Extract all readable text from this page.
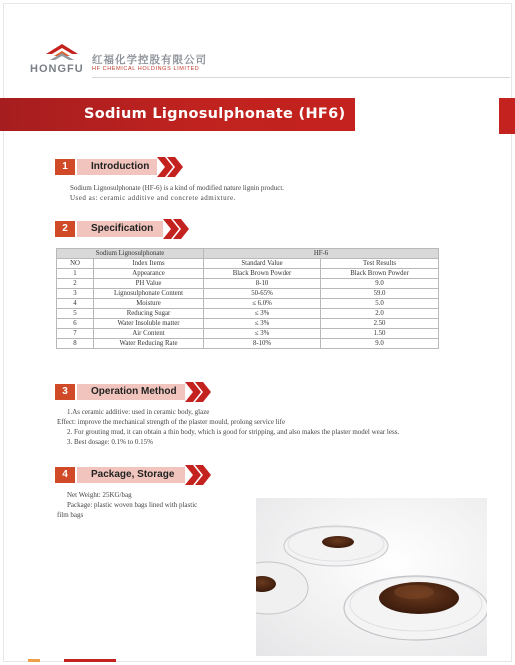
HONGFU
红福化学控股有限公司
HF CHEMICAL HOLDINGS LIMITED
Sodium Lignosulphonate (HF6)
1	Introduction
Sodium Lignosulphonate (HF-6) is a kind of modified nature lignin product.
Used as: ceramic additive and concrete admixture.
2	Specification
Sodium Lignosulphonate		HF-6	
NO	Index Items	Standard Value	Test Results
1	Appearance	Black Brown Powder	Black Brown Powder
2	PH Value	8-10	9.0
3	Lignosulphonate Content	50-65%	59.0
4	Moisture	≤ 6.0%	5.0
5	Reducing Sugar	≤ 3%	2.0
6	Water Insoluble matter	≤ 3%	2.50
7	Air Content	≤ 3%	1.50
8	Water Reducing Rate	8-10%	9.0
3	Operation Method
1.As ceramic additive: used in ceramic body, glaze
Effect: improve the mechanical strength of the plaster mould, prolong service life
2. For grouting mud, it can obtain a thin body, which is good for stripping, and also makes the plaster model wear less.
3. Best dosage: 0.1% to 0.15%
4	Package, Storage
Net Weight: 25KG/bag
Package: plastic woven bags lined with plastic
film bags
